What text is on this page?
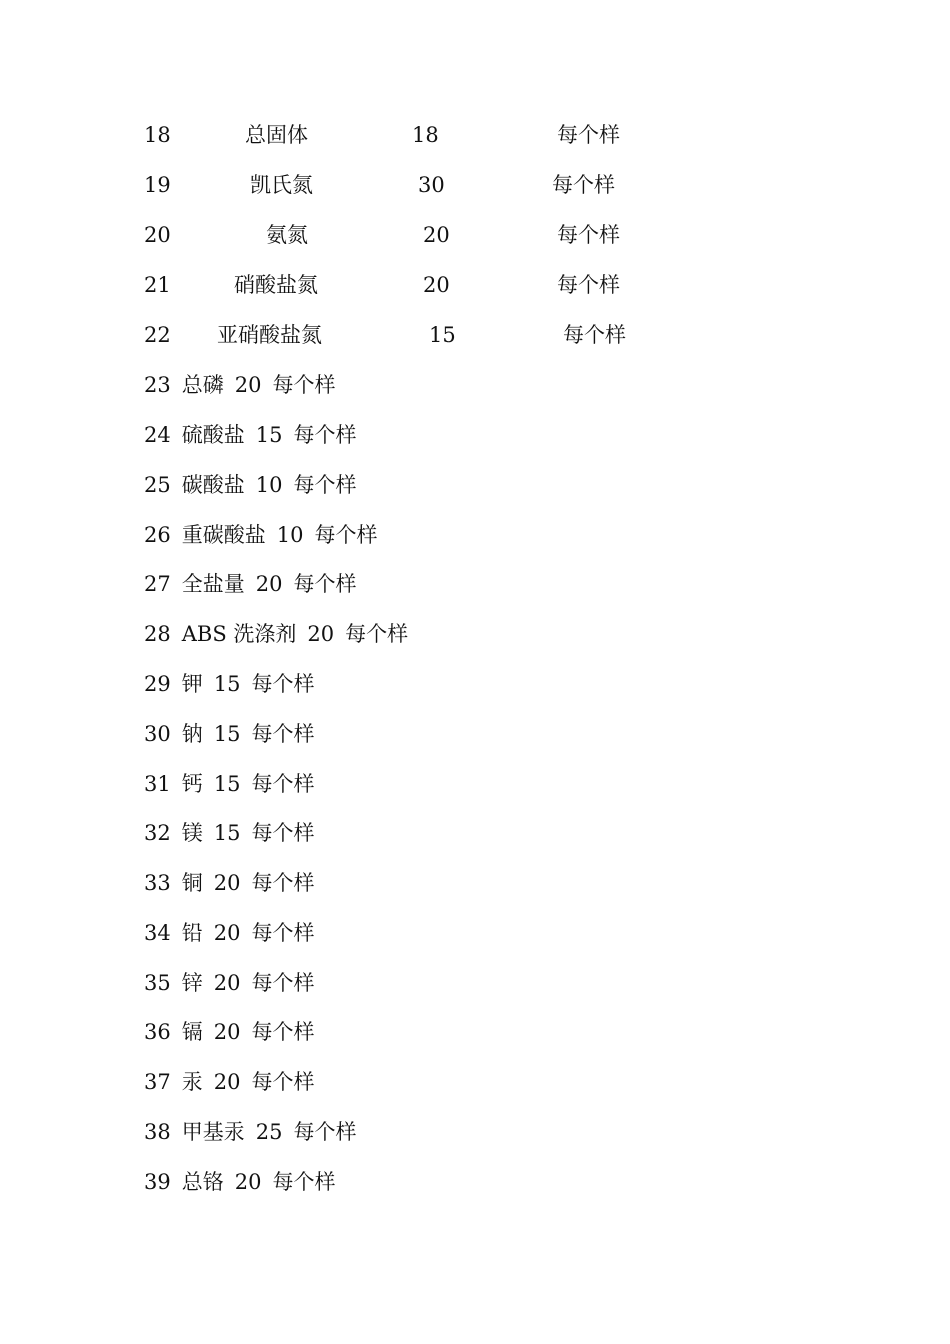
18	总固体	18	每个样
19	凯氏氮	30	每个样
20	氨氮	20	每个样
21	硝酸盐氮	20	每个样
22 亚硝酸盐氮	15	每个样
23 总磷 20 每个样
24 硫酸盐 15 每个样
25 碳酸盐 10 每个样
26 重碳酸盐 10 每个样
27 全盐量 20 每个样
28 ABS 洗涤剂 20 每个样
29 钾 15 每个样
30 钠 15 每个样
31 钙 15 每个样
32 镁 15 每个样
33 铜 20 每个样
34 铅 20 每个样
35 锌 20 每个样
36 镉 20 每个样
37 汞 20 每个样
38 甲基汞 25 每个样
39 总铬 20 每个样
